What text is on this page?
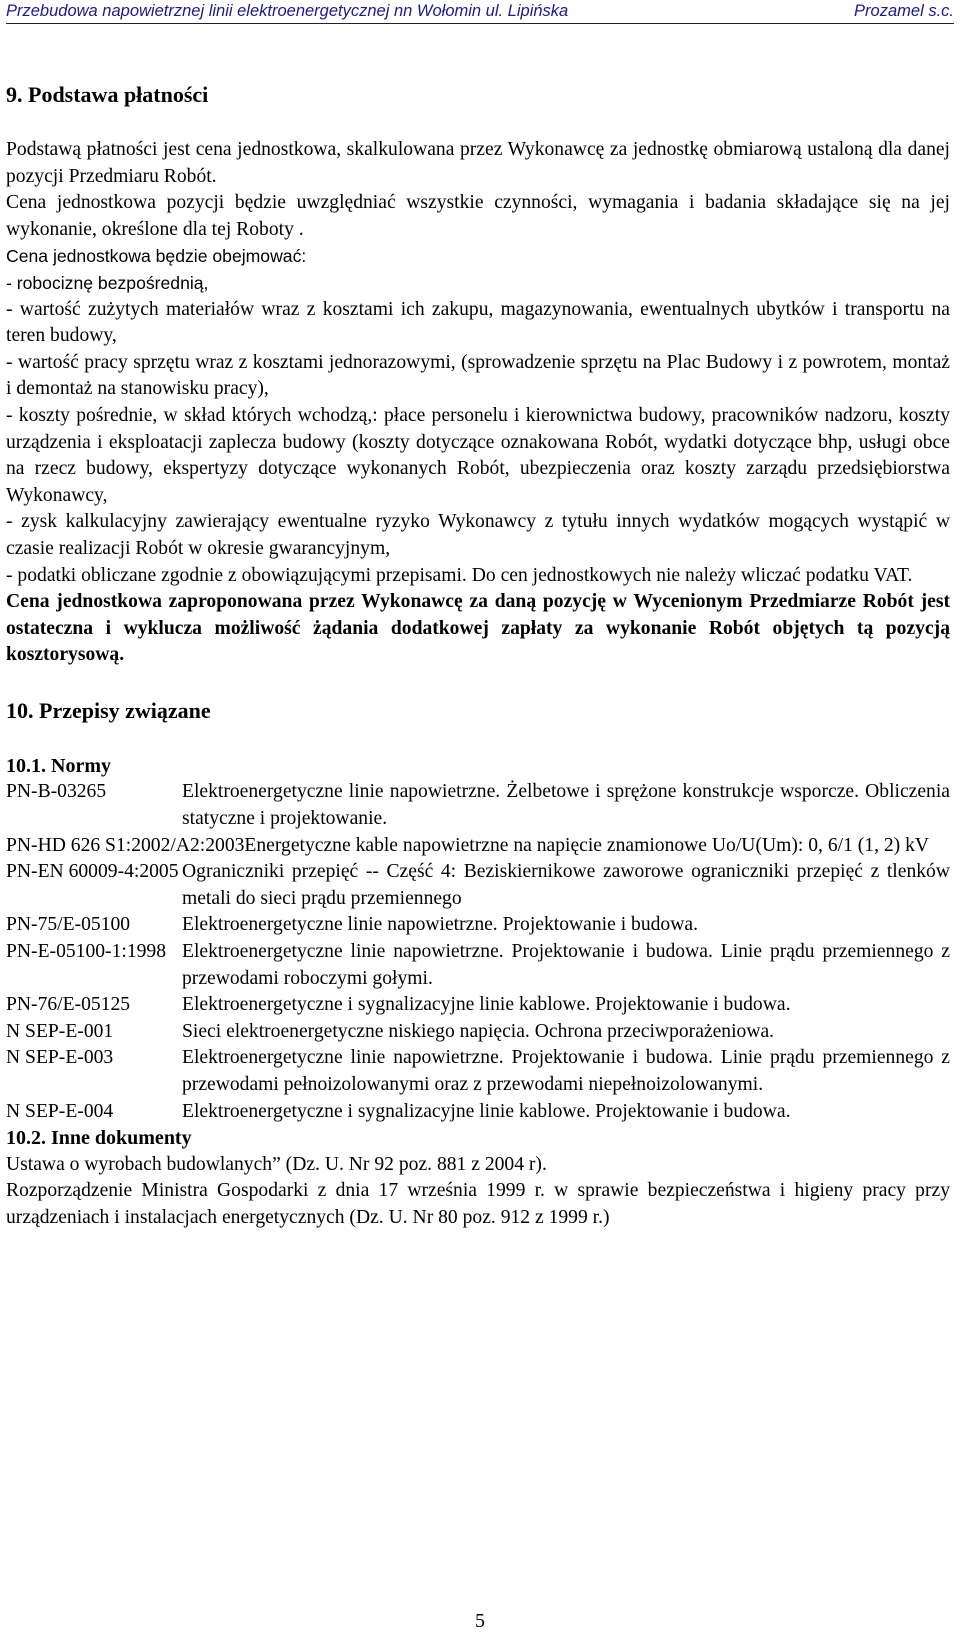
Przebudowa napowietrznej linii elektroenergetycznej nn Wołomin ul. Lipińska	Prozamel s.c.
9. Podstawa płatności

Podstawą płatności jest cena jednostkowa, skalkulowana przez Wykonawcę za jednostkę obmiarową ustaloną dla danej pozycji Przedmiaru Robót.

Cena jednostkowa pozycji będzie uwzględniać wszystkie czynności, wymagania i badania składające się na jej wykonanie, określone dla tej Roboty .

Cena jednostkowa będzie obejmować:

- robociznę bezpośrednią,

- wartość zużytych materiałów wraz z kosztami ich zakupu, magazynowania, ewentualnych ubytków i transportu na teren budowy,

- wartość pracy sprzętu wraz z kosztami jednorazowymi, (sprowadzenie sprzętu na Plac Budowy i z powrotem, montaż i demontaż na stanowisku pracy),

- koszty pośrednie, w skład których wchodzą,: płace personelu i kierownictwa budowy, pracowników nadzoru, koszty urządzenia i eksploatacji zaplecza budowy (koszty dotyczące oznakowana Robót, wydatki dotyczące bhp, usługi obce na rzecz budowy, ekspertyzy dotyczące wykonanych Robót, ubezpieczenia oraz koszty zarządu przedsiębiorstwa Wykonawcy,

- zysk kalkulacyjny zawierający ewentualne ryzyko Wykonawcy z tytułu innych wydatków mogących wystąpić w czasie realizacji Robót w okresie gwarancyjnym,

- podatki obliczane zgodnie z obowiązującymi przepisami. Do cen jednostkowych nie należy wliczać podatku VAT.

Cena jednostkowa zaproponowana przez Wykonawcę za daną pozycję w Wycenionym Przedmiarze Robót jest ostateczna i wyklucza możliwość żądania dodatkowej zapłaty za wykonanie Robót objętych tą pozycją kosztorysową.

10. Przepisy związane

10.1. Normy

PN-B-03265	Elektroenergetyczne linie napowietrzne. Żelbetowe i sprężone konstrukcje wsporcze. Obliczenia statyczne i projektowanie.
PN-HD 626 S1:2002/A2:2003 Energetyczne kable napowietrzne na napięcie znamionowe Uo/U(Um): 0, 6/1 (1, 2) kV
PN-EN 60009-4:2005 Ograniczniki przepięć -- Część 4: Beziskiernikowe zaworowe ograniczniki przepięć z tlenków metali do sieci prądu przemiennego
PN-75/E-05100	Elektroenergetyczne linie napowietrzne. Projektowanie i budowa.
PN-E-05100-1:1998 Elektroenergetyczne linie napowietrzne. Projektowanie i budowa. Linie prądu przemiennego z przewodami roboczymi gołymi.
PN-76/E-05125	Elektroenergetyczne i sygnalizacyjne linie kablowe. Projektowanie i budowa.
N SEP-E-001	Sieci elektroenergetyczne niskiego napięcia. Ochrona przeciwporażeniowa.
N SEP-E-003	Elektroenergetyczne linie napowietrzne. Projektowanie i budowa. Linie prądu przemiennego z przewodami pełnoizolowanymi oraz z przewodami niepełnoizolowanymi.
N SEP-E-004	Elektroenergetyczne i sygnalizacyjne linie kablowe. Projektowanie i budowa.

10.2. Inne dokumenty

Ustawa o wyrobach budowlanych” (Dz. U. Nr 92 poz. 881 z 2004 r).

Rozporządzenie Ministra Gospodarki z dnia 17 września 1999 r. w sprawie bezpieczeństwa i higieny pracy przy urządzeniach i instalacjach energetycznych (Dz. U. Nr 80 poz. 912 z 1999 r.)

5
